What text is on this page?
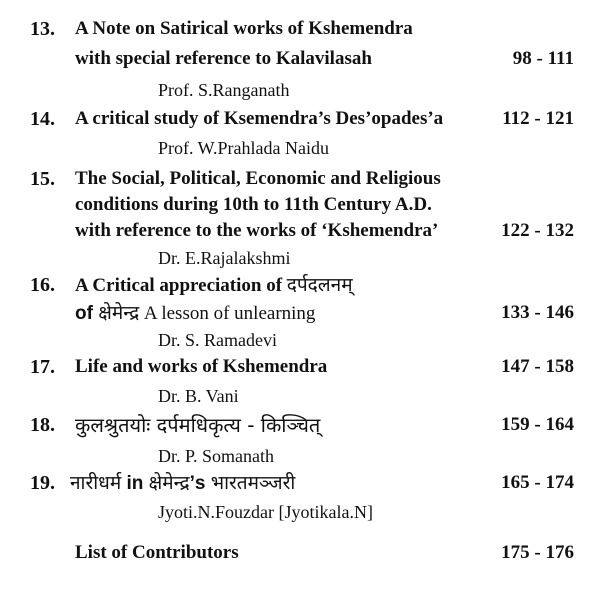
13.	A Note on Satirical works of Kshemendra
with special reference to Kalavilasah	98 - 111
Prof. S.Ranganath
14.	A critical study of Ksemendra’s Des’opades’a	112 - 121
Prof. W.Prahlada Naidu
15.	The Social, Political, Economic and Religious
conditions during 10th to 11th Century A.D.
with reference to the works of ‘Kshemendra’	122 - 132
Dr. E.Rajalakshmi
16.	A Critical appreciation of दर्पदलनम्
of क्षेमेन्द्र A lesson of unlearning	133 - 146
Dr. S. Ramadevi
17.	Life and works of Kshemendra	147 - 158
Dr. B. Vani
18.	कुलश्रुतयोः दर्पमधिकृत्य - किञ्चित्	159 - 164
Dr. P. Somanath
19. नारीधर्म in क्षेमेन्द्र’s भारतमञ्जरी	165 - 174
Jyoti.N.Fouzdar [Jyotikala.N]
List of Contributors	175 - 176
